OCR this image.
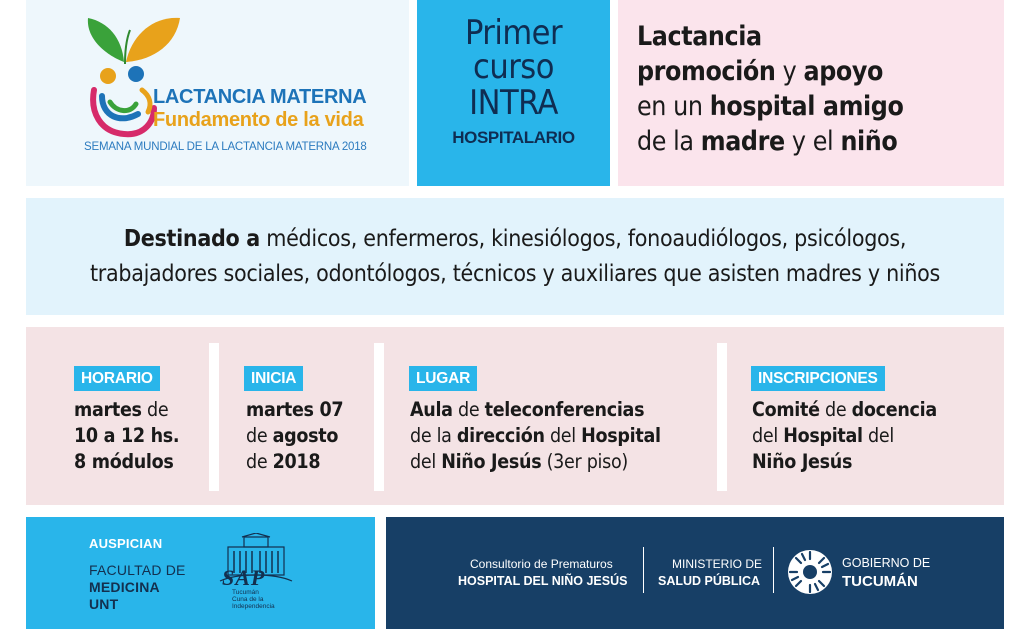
LACTANCIA MATERNA
Fundamento de la vida
SEMANA MUNDIAL DE LA LACTANCIA MATERNA 2018
Primer
curso
INTRA
HOSPITALARIO
Lactancia
promoción y apoyo
en un hospital amigo
de la madre y el niño
Destinado a médicos, enfermeros, kinesiólogos, fonoaudiólogos, psicólogos,
trabajadores sociales, odontólogos, técnicos y auxiliares que asisten madres y niños
HORARIO
martes de
10 a 12 hs.
8 módulos
INICIA
martes 07
de agosto
de 2018
LUGAR
Aula de teleconferencias
de la dirección del Hospital
del Niño Jesús (3er piso)
INSCRIPCIONES
Comité de docencia
del Hospital del
Niño Jesús
AUSPICIAN
FACULTAD DE
MEDICINA
UNT
SAP
Tucumán
Cuna de la
Independencia
Consultorio de Prematuros
HOSPITAL DEL NIÑO JESÚS
MINISTERIO DE
SALUD PÚBLICA
GOBIERNO DE
TUCUMÁN
